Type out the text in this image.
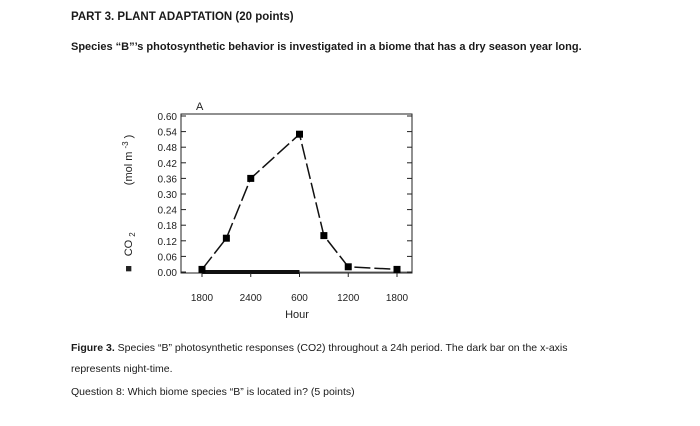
PART 3. PLANT ADAPTATION (20 points)
Species “B”’s photosynthetic behavior is investigated in a biome that has a dry season year long.
0.60
0.54
0.48
0.42
0.36
0.30
0.24
0.18
0.12
0.06
0.00
1800	2400	600	1200	1800
A
Hour
■ CO $_2$ (mol m $^{-3}$ )
Figure 3. Species “B” photosynthetic responses (CO2) throughout a 24h period. The dark bar on the x-axis represents night-time.
Question 8: Which biome species “B” is located in? (5 points)
